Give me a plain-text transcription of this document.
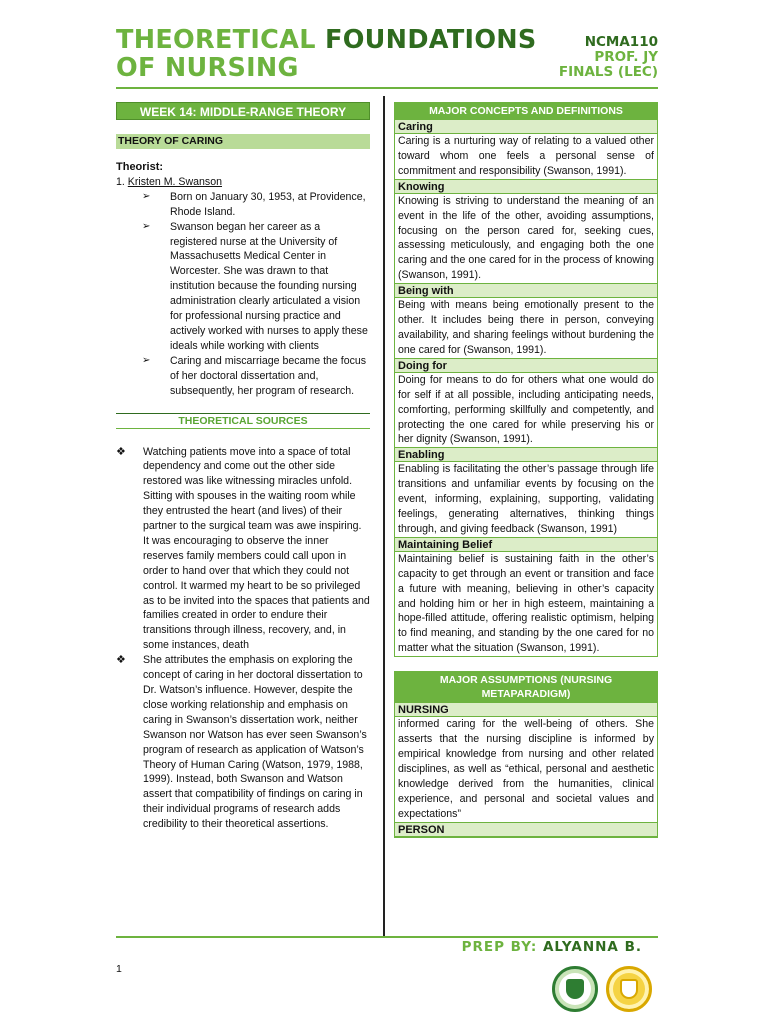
THEORETICAL FOUNDATIONS
OF NURSING
NCMA110
PROF. JY
FINALS (LEC)
WEEK 14: MIDDLE-RANGE THEORY
THEORY OF CARING
Theorist:
1. Kristen M. Swanson
➢ Born on January 30, 1953, at Providence, Rhode Island.
➢ Swanson began her career as a registered nurse at the University of Massachusetts Medical Center in Worcester. She was drawn to that institution because the founding nursing administration clearly articulated a vision for professional nursing practice and actively worked with nurses to apply these ideals while working with clients
➢ Caring and miscarriage became the focus of her doctoral dissertation and, subsequently, her program of research.
THEORETICAL SOURCES
❖ Watching patients move into a space of total dependency and come out the other side restored was like witnessing miracles unfold. Sitting with spouses in the waiting room while they entrusted the heart (and lives) of their partner to the surgical team was awe inspiring. It was encouraging to observe the inner reserves family members could call upon in order to hand over that which they could not control. It warmed my heart to be so privileged as to be invited into the spaces that patients and families created in order to endure their transitions through illness, recovery, and, in some instances, death
❖ She attributes the emphasis on exploring the concept of caring in her doctoral dissertation to Dr. Watson’s influence. However, despite the close working relationship and emphasis on caring in Swanson’s dissertation work, neither Swanson nor Watson has ever seen Swanson’s program of research as application of Watson’s Theory of Human Caring (Watson, 1979, 1988, 1999). Instead, both Swanson and Watson assert that compatibility of findings on caring in their individual programs of research adds credibility to their theoretical assertions.
MAJOR CONCEPTS AND DEFINITIONS
Caring
Caring is a nurturing way of relating to a valued other toward whom one feels a personal sense of commitment and responsibility (Swanson, 1991).
Knowing
Knowing is striving to understand the meaning of an event in the life of the other, avoiding assumptions, focusing on the person cared for, seeking cues, assessing meticulously, and engaging both the one caring and the one cared for in the process of knowing (Swanson, 1991).
Being with
Being with means being emotionally present to the other. It includes being there in person, conveying availability, and sharing feelings without burdening the one cared for (Swanson, 1991).
Doing for
Doing for means to do for others what one would do for self if at all possible, including anticipating needs, comforting, performing skillfully and competently, and protecting the one cared for while preserving his or her dignity (Swanson, 1991).
Enabling
Enabling is facilitating the other’s passage through life transitions and unfamiliar events by focusing on the event, informing, explaining, supporting, validating feelings, generating alternatives, thinking things through, and giving feedback (Swanson, 1991)
Maintaining Belief
Maintaining belief is sustaining faith in the other’s capacity to get through an event or transition and face a future with meaning, believing in other’s capacity and holding him or her in high esteem, maintaining a hope-filled attitude, offering realistic optimism, helping to find meaning, and standing by the one cared for no matter what the situation (Swanson, 1991).
MAJOR ASSUMPTIONS (NURSING METAPARADIGM)
NURSING
informed caring for the well-being of others. She asserts that the nursing discipline is informed by empirical knowledge from nursing and other related disciplines, as well as “ethical, personal and aesthetic knowledge derived from the humanities, clinical experience, and personal and societal values and expectations”
PERSON
PREP BY: ALYANNA B.
1
